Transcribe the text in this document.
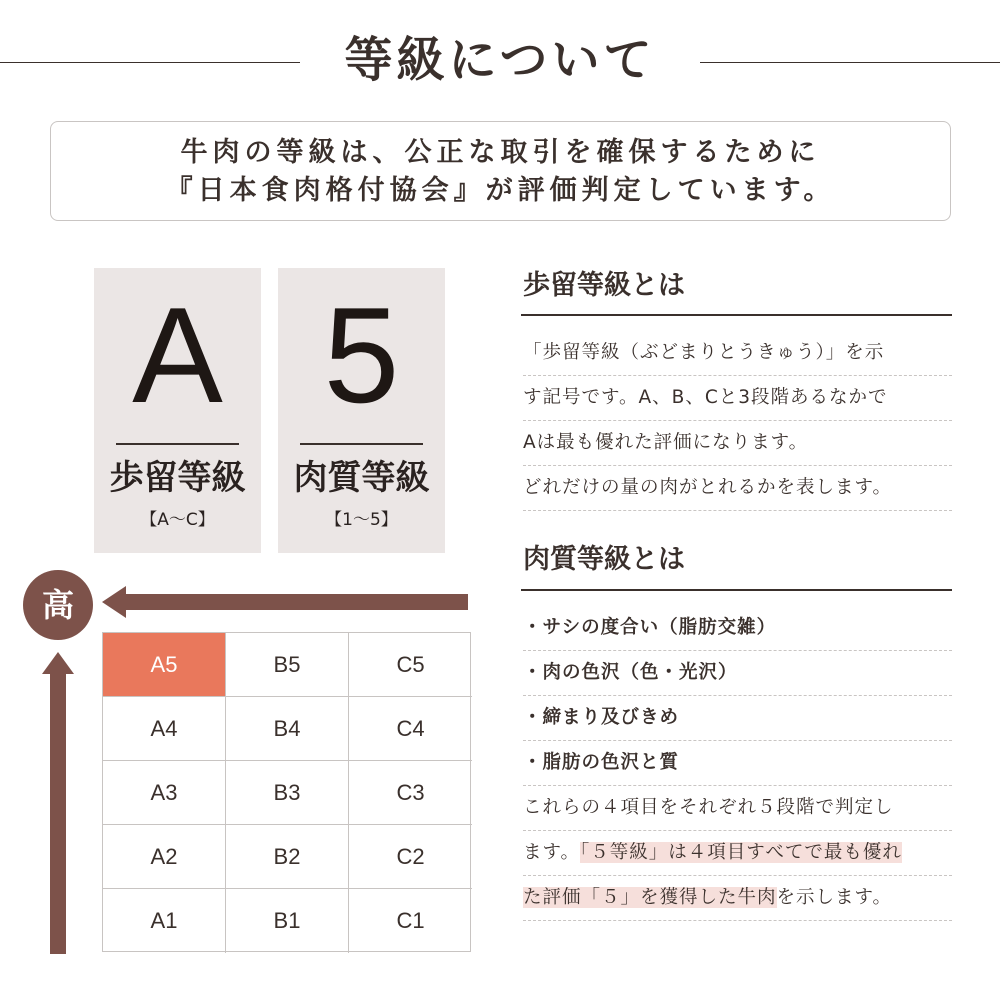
等級について

牛肉の等級は、公正な取引を確保するために

『日本食肉格付協会』が評価判定しています。

A
歩留等級
【A～C】
5
肉質等級
【1～5】
高
A5	B5	C5
A4	B4	C4
A3	B3	C3
A2	B2	C2
A1	B1	C1
歩留等級とは
「歩留等級（ぶどまりとうきゅう）」を示
す記号です。A、B、Cと3段階あるなかで
Aは最も優れた評価になります。
どれだけの量の肉がとれるかを表します。
肉質等級とは
・サシの度合い（脂肪交雑）
・肉の色沢（色・光沢）
・締まり及びきめ
・脂肪の色沢と質
これらの４項目をそれぞれ５段階で判定し
ます。「５等級」は４項目すべてで最も優れ
た評価「５」を獲得した牛肉を示します。
